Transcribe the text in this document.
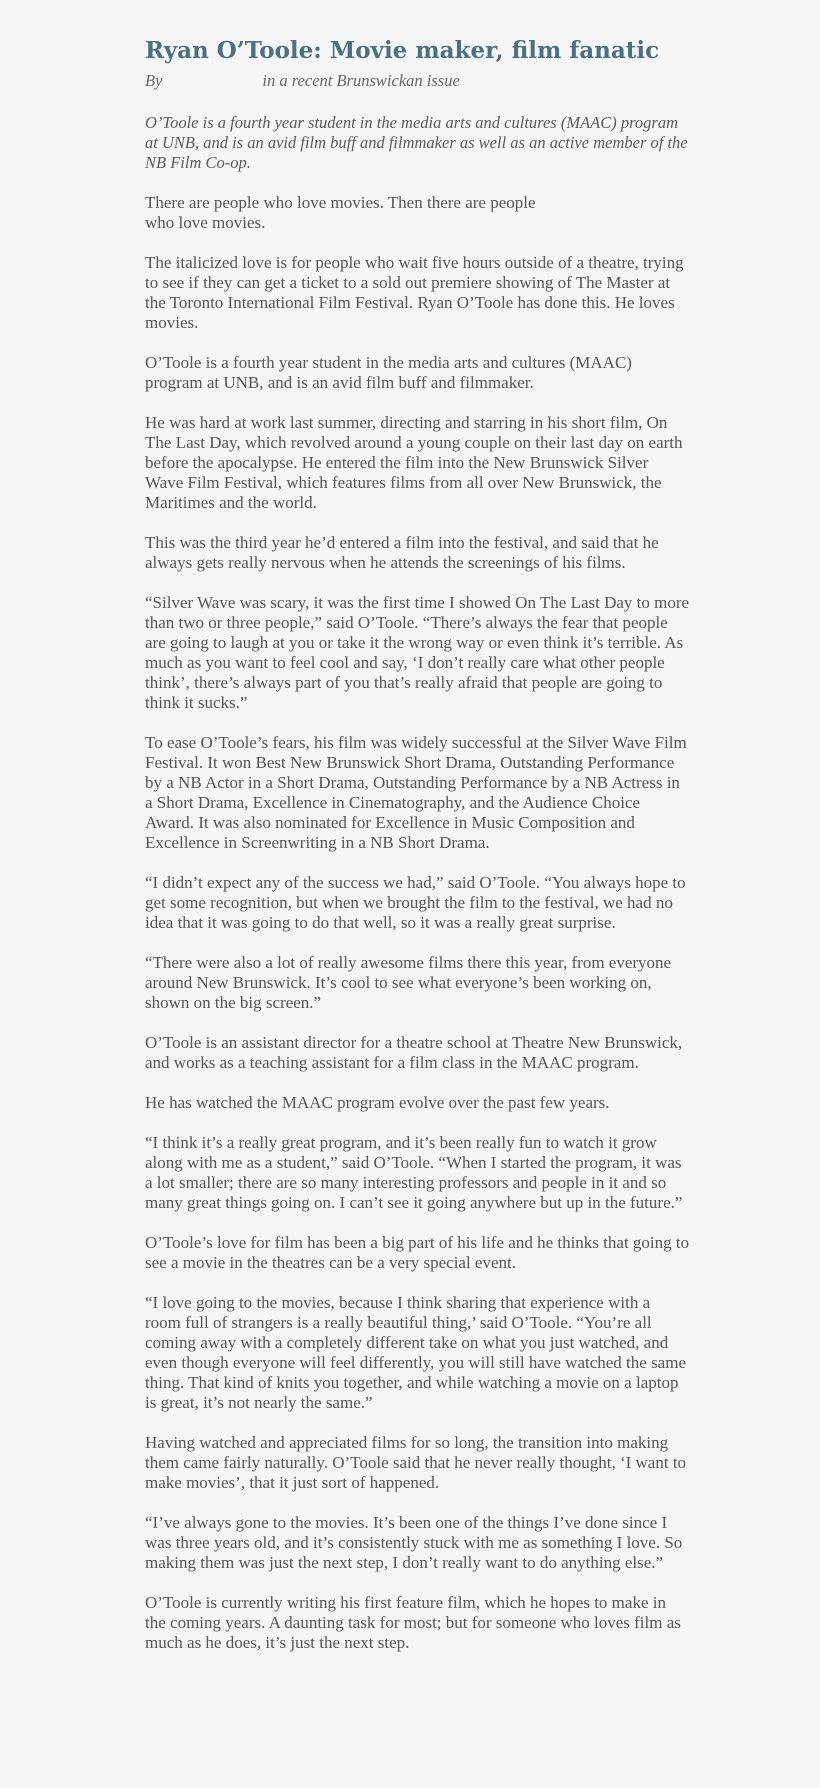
Ryan O’Toole: Movie maker, film fanatic

By	in a recent Brunswickan issue

O’Toole is a fourth year student in the media arts and cultures (MAAC) program at UNB, and is an avid film buff and filmmaker as well as an active member of the NB Film Co-op.

There are people who love movies. Then there are people who love movies.

The italicized love is for people who wait five hours outside of a theatre, trying to see if they can get a ticket to a sold out premiere showing of The Master at the Toronto International Film Festival. Ryan O’Toole has done this. He loves movies.

O’Toole is a fourth year student in the media arts and cultures (MAAC) program at UNB, and is an avid film buff and filmmaker.

He was hard at work last summer, directing and starring in his short film, On The Last Day, which revolved around a young couple on their last day on earth before the apocalypse. He entered the film into the New Brunswick Silver Wave Film Festival, which features films from all over New Brunswick, the Maritimes and the world.

This was the third year he’d entered a film into the festival, and said that he always gets really nervous when he attends the screenings of his films.

“Silver Wave was scary, it was the first time I showed On The Last Day to more than two or three people,” said O’Toole. “There’s always the fear that people are going to laugh at you or take it the wrong way or even think it’s terrible. As much as you want to feel cool and say, ‘I don’t really care what other people think’, there’s always part of you that’s really afraid that people are going to think it sucks.”

To ease O’Toole’s fears, his film was widely successful at the Silver Wave Film Festival. It won Best New Brunswick Short Drama, Outstanding Performance by a NB Actor in a Short Drama, Outstanding Performance by a NB Actress in a Short Drama, Excellence in Cinematography, and the Audience Choice Award. It was also nominated for Excellence in Music Composition and Excellence in Screenwriting in a NB Short Drama.

“I didn’t expect any of the success we had,” said O’Toole. “You always hope to get some recognition, but when we brought the film to the festival, we had no idea that it was going to do that well, so it was a really great surprise.

“There were also a lot of really awesome films there this year, from everyone around New Brunswick. It’s cool to see what everyone’s been working on, shown on the big screen.”

O’Toole is an assistant director for a theatre school at Theatre New Brunswick, and works as a teaching assistant for a film class in the MAAC program.

He has watched the MAAC program evolve over the past few years.

“I think it’s a really great program, and it’s been really fun to watch it grow along with me as a student,” said O’Toole. “When I started the program, it was a lot smaller; there are so many interesting professors and people in it and so many great things going on. I can’t see it going anywhere but up in the future.”

O’Toole’s love for film has been a big part of his life and he thinks that going to see a movie in the theatres can be a very special event.

“I love going to the movies, because I think sharing that experience with a room full of strangers is a really beautiful thing,’ said O’Toole. “You’re all coming away with a completely different take on what you just watched, and even though everyone will feel differently, you will still have watched the same thing. That kind of knits you together, and while watching a movie on a laptop is great, it’s not nearly the same.”

Having watched and appreciated films for so long, the transition into making them came fairly naturally. O’Toole said that he never really thought, ‘I want to make movies’, that it just sort of happened.

“I’ve always gone to the movies. It’s been one of the things I’ve done since I was three years old, and it’s consistently stuck with me as something I love. So making them was just the next step, I don’t really want to do anything else.”

O’Toole is currently writing his first feature film, which he hopes to make in the coming years. A daunting task for most; but for someone who loves film as much as he does, it’s just the next step.
